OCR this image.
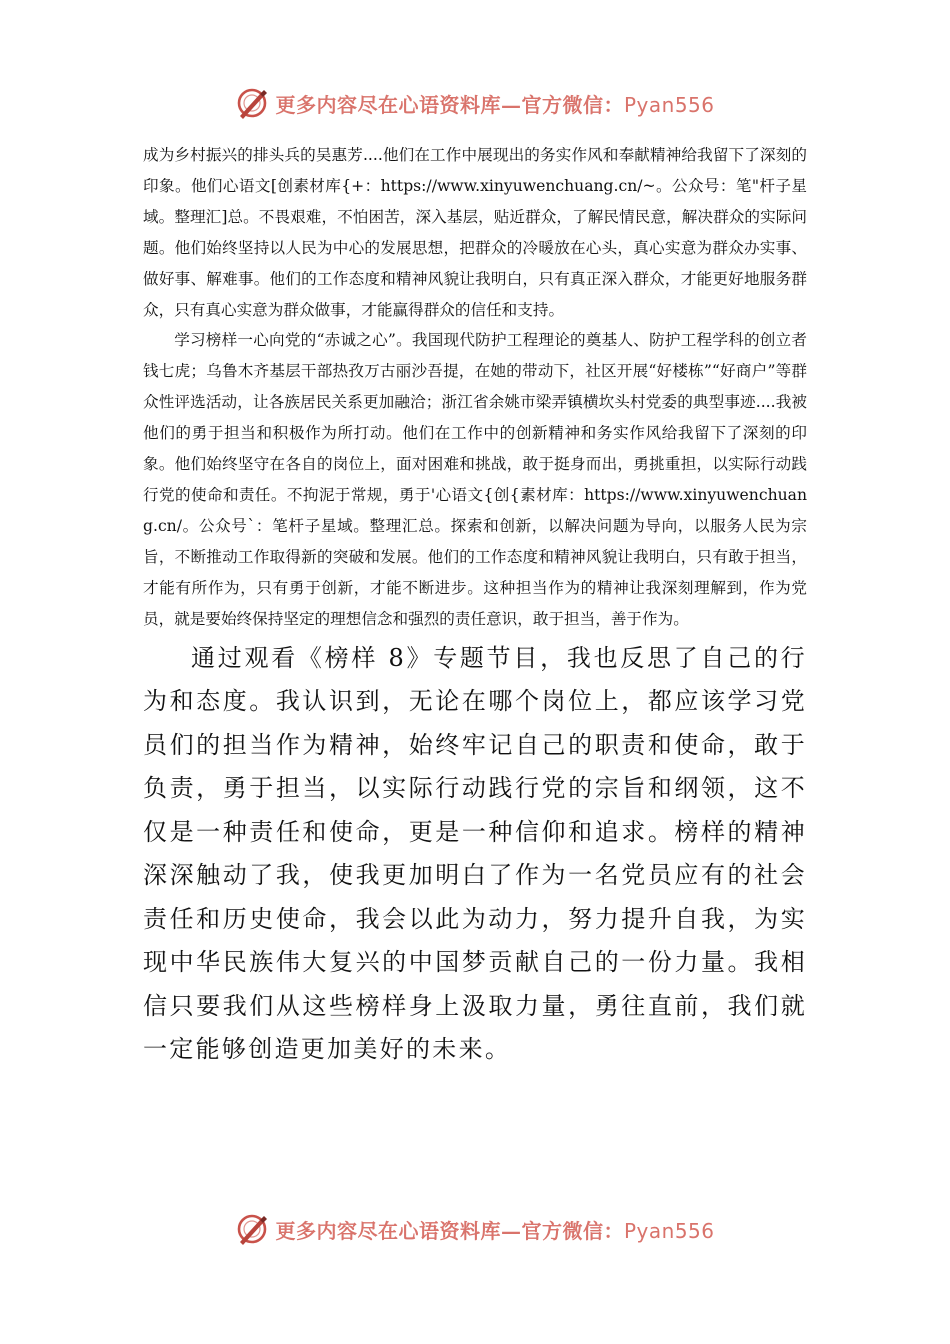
更多内容尽在心语资料库—官方微信：Pyan556

成为乡村振兴的排头兵的吴惠芳....他们在工作中展现出的务实作风和奉献精神给我留下了深刻的印象。他们心语文[创素材库{+：https://www.xinyuwenchuang.cn/~。公众号：笔"杆子星域。整理汇]总。不畏艰难，不怕困苦，深入基层，贴近群众，了解民情民意，解决群众的实际问题。他们始终坚持以人民为中心的发展思想，把群众的冷暖放在心头，真心实意为群众办实事、做好事、解难事。他们的工作态度和精神风貌让我明白，只有真正深入群众，才能更好地服务群众，只有真心实意为群众做事，才能赢得群众的信任和支持。

学习榜样一心向党的“赤诚之心”。我国现代防护工程理论的奠基人、防护工程学科的创立者钱七虎；乌鲁木齐基层干部热孜万古丽沙吾提，在她的带动下，社区开展“好楼栋”“好商户”等群众性评选活动，让各族居民关系更加融洽；浙江省余姚市梁弄镇横坎头村党委的典型事迹....我被他们的勇于担当和积极作为所打动。他们在工作中的创新精神和务实作风给我留下了深刻的印象。他们始终坚守在各自的岗位上，面对困难和挑战，敢于挺身而出，勇挑重担，以实际行动践行党的使命和责任。不拘泥于常规，勇于'心语文{创{素材库：https://www.xinyuwenchuang.cn/。公众号`：笔杆子星域。整理汇总。探索和创新，以解决问题为导向，以服务人民为宗旨，不断推动工作取得新的突破和发展。他们的工作态度和精神风貌让我明白，只有敢于担当，才能有所作为，只有勇于创新，才能不断进步。这种担当作为的精神让我深刻理解到，作为党员，就是要始终保持坚定的理想信念和强烈的责任意识，敢于担当，善于作为。

通过观看《榜样 8》专题节目，我也反思了自己的行为和态度。我认识到，无论在哪个岗位上，都应该学习党员们的担当作为精神，始终牢记自己的职责和使命，敢于负责，勇于担当，以实际行动践行党的宗旨和纲领，这不仅是一种责任和使命，更是一种信仰和追求。榜样的精神深深触动了我，使我更加明白了作为一名党员应有的社会责任和历史使命，我会以此为动力，努力提升自我，为实现中华民族伟大复兴的中国梦贡献自己的一份力量。我相信只要我们从这些榜样身上汲取力量，勇往直前，我们就一定能够创造更加美好的未来。

更多内容尽在心语资料库—官方微信：Pyan556
